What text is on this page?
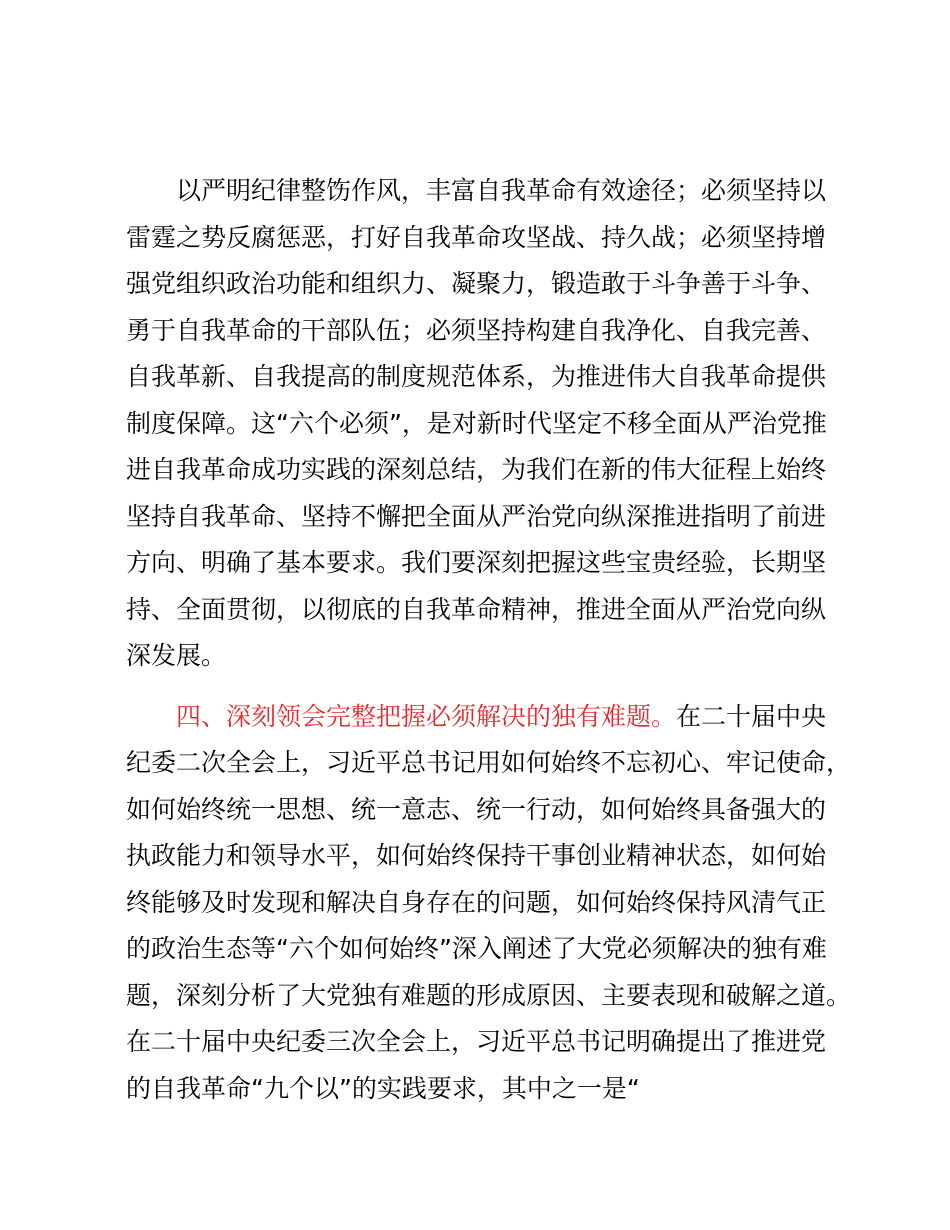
以严明纪律整饬作风，丰富自我革命有效途径；必须坚持以
雷霆之势反腐惩恶，打好自我革命攻坚战、持久战；必须坚持增
强党组织政治功能和组织力、凝聚力，锻造敢于斗争善于斗争、
勇于自我革命的干部队伍；必须坚持构建自我净化、自我完善、
自我革新、自我提高的制度规范体系，为推进伟大自我革命提供
制度保障。这“六个必须”，是对新时代坚定不移全面从严治党推
进自我革命成功实践的深刻总结，为我们在新的伟大征程上始终
坚持自我革命、坚持不懈把全面从严治党向纵深推进指明了前进
方向、明确了基本要求。我们要深刻把握这些宝贵经验，长期坚
持、全面贯彻，以彻底的自我革命精神，推进全面从严治党向纵
深发展。
四、深刻领会完整把握必须解决的独有难题。在二十届中央
纪委二次全会上，习近平总书记用如何始终不忘初心、牢记使命，
如何始终统一思想、统一意志、统一行动，如何始终具备强大的
执政能力和领导水平，如何始终保持干事创业精神状态，如何始
终能够及时发现和解决自身存在的问题，如何始终保持风清气正
的政治生态等“六个如何始终”深入阐述了大党必须解决的独有难
题，深刻分析了大党独有难题的形成原因、主要表现和破解之道。
在二十届中央纪委三次全会上，习近平总书记明确提出了推进党
的自我革命“九个以”的实践要求，其中之一是“
